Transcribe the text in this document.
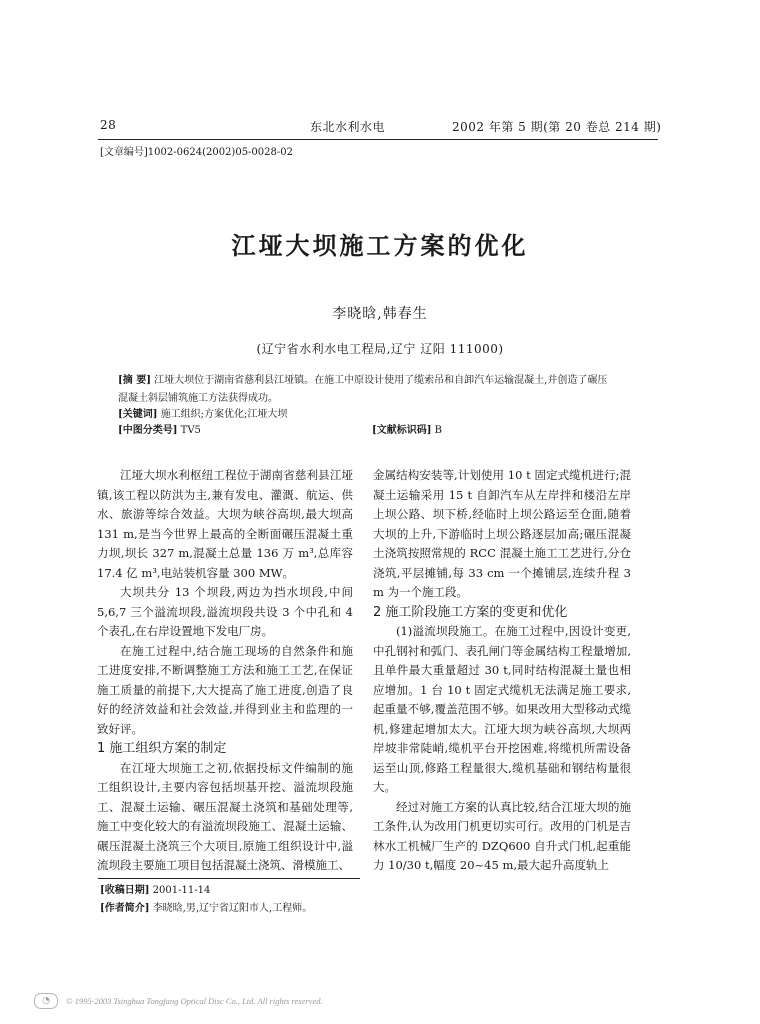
28	东北水利水电	2002 年第 5 期(第 20 卷总 214 期)
[文章编号]1002-0624(2002)05-0028-02
江垭大坝施工方案的优化
李晓晗,韩春生
(辽宁省水利水电工程局,辽宁 辽阳 111000)
[摘 要] 江垭大坝位于湖南省慈利县江垭镇。在施工中原设计使用了缆索吊和自卸汽车运输混凝土,并创造了碾压混凝土斜层铺筑施工方法获得成功。
[关键词] 施工组织;方案优化;江垭大坝
[中图分类号] TV5	[文献标识码] B

江垭大坝水利枢纽工程位于湖南省慈利县江垭镇,该工程以防洪为主,兼有发电、灌溉、航运、供水、旅游等综合效益。大坝为峡谷高坝,最大坝高 131 m,是当今世界上最高的全断面碾压混凝土重力坝,坝长 327 m,混凝土总量 136 万 m³,总库容 17.4 亿 m³,电站装机容量 300 MW。

大坝共分 13 个坝段,两边为挡水坝段,中间 5,6,7 三个溢流坝段,溢流坝段共设 3 个中孔和 4 个表孔,在右岸设置地下发电厂房。

在施工过程中,结合施工现场的自然条件和施工进度安排,不断调整施工方法和施工工艺,在保证施工质量的前提下,大大提高了施工进度,创造了良好的经济效益和社会效益,并得到业主和监理的一致好评。

1 施工组织方案的制定

在江垭大坝施工之初,依据投标文件编制的施工组织设计,主要内容包括坝基开挖、溢流坝段施工、混凝土运输、碾压混凝土浇筑和基础处理等,施工中变化较大的有溢流坝段施工、混凝土运输、碾压混凝土浇筑三个大项目,原施工组织设计中,溢流坝段主要施工项目包括混凝土浇筑、滑模施工、

金属结构安装等,计划使用 10 t 固定式缆机进行;混凝土运输采用 15 t 自卸汽车从左岸拌和楼沿左岸上坝公路、坝下桥,经临时上坝公路运至仓面,随着大坝的上升,下游临时上坝公路逐层加高;碾压混凝土浇筑按照常规的 RCC 混凝土施工工艺进行,分仓浇筑,平层摊铺,每 33 cm 一个摊铺层,连续升程 3 m 为一个施工段。

2 施工阶段施工方案的变更和优化

(1)溢流坝段施工。在施工过程中,因设计变更,中孔钢衬和弧门、表孔闸门等金属结构工程量增加,且单件最大重量超过 30 t,同时结构混凝土量也相应增加。1 台 10 t 固定式缆机无法满足施工要求,起重量不够,覆盖范围不够。如果改用大型移动式缆机,修建起增加太大。江垭大坝为峡谷高坝,大坝两岸坡非常陡峭,缆机平台开挖困难,将缆机所需设备运至山顶,修路工程量很大,缆机基础和钢结构量很大。

经过对施工方案的认真比较,结合江垭大坝的施工条件,认为改用门机更切实可行。改用的门机是吉林水工机械厂生产的 DZQ600 自升式门机,起重能力 10/30 t,幅度 20~45 m,最大起升高度轨上

[收稿日期] 2001-11-14
[作者简介] 李晓晗,男,辽宁省辽阳市人,工程师。
◔	© 1995-2003 Tsinghua Tongfang Optical Disc Co., Ltd. All rights reserved.
